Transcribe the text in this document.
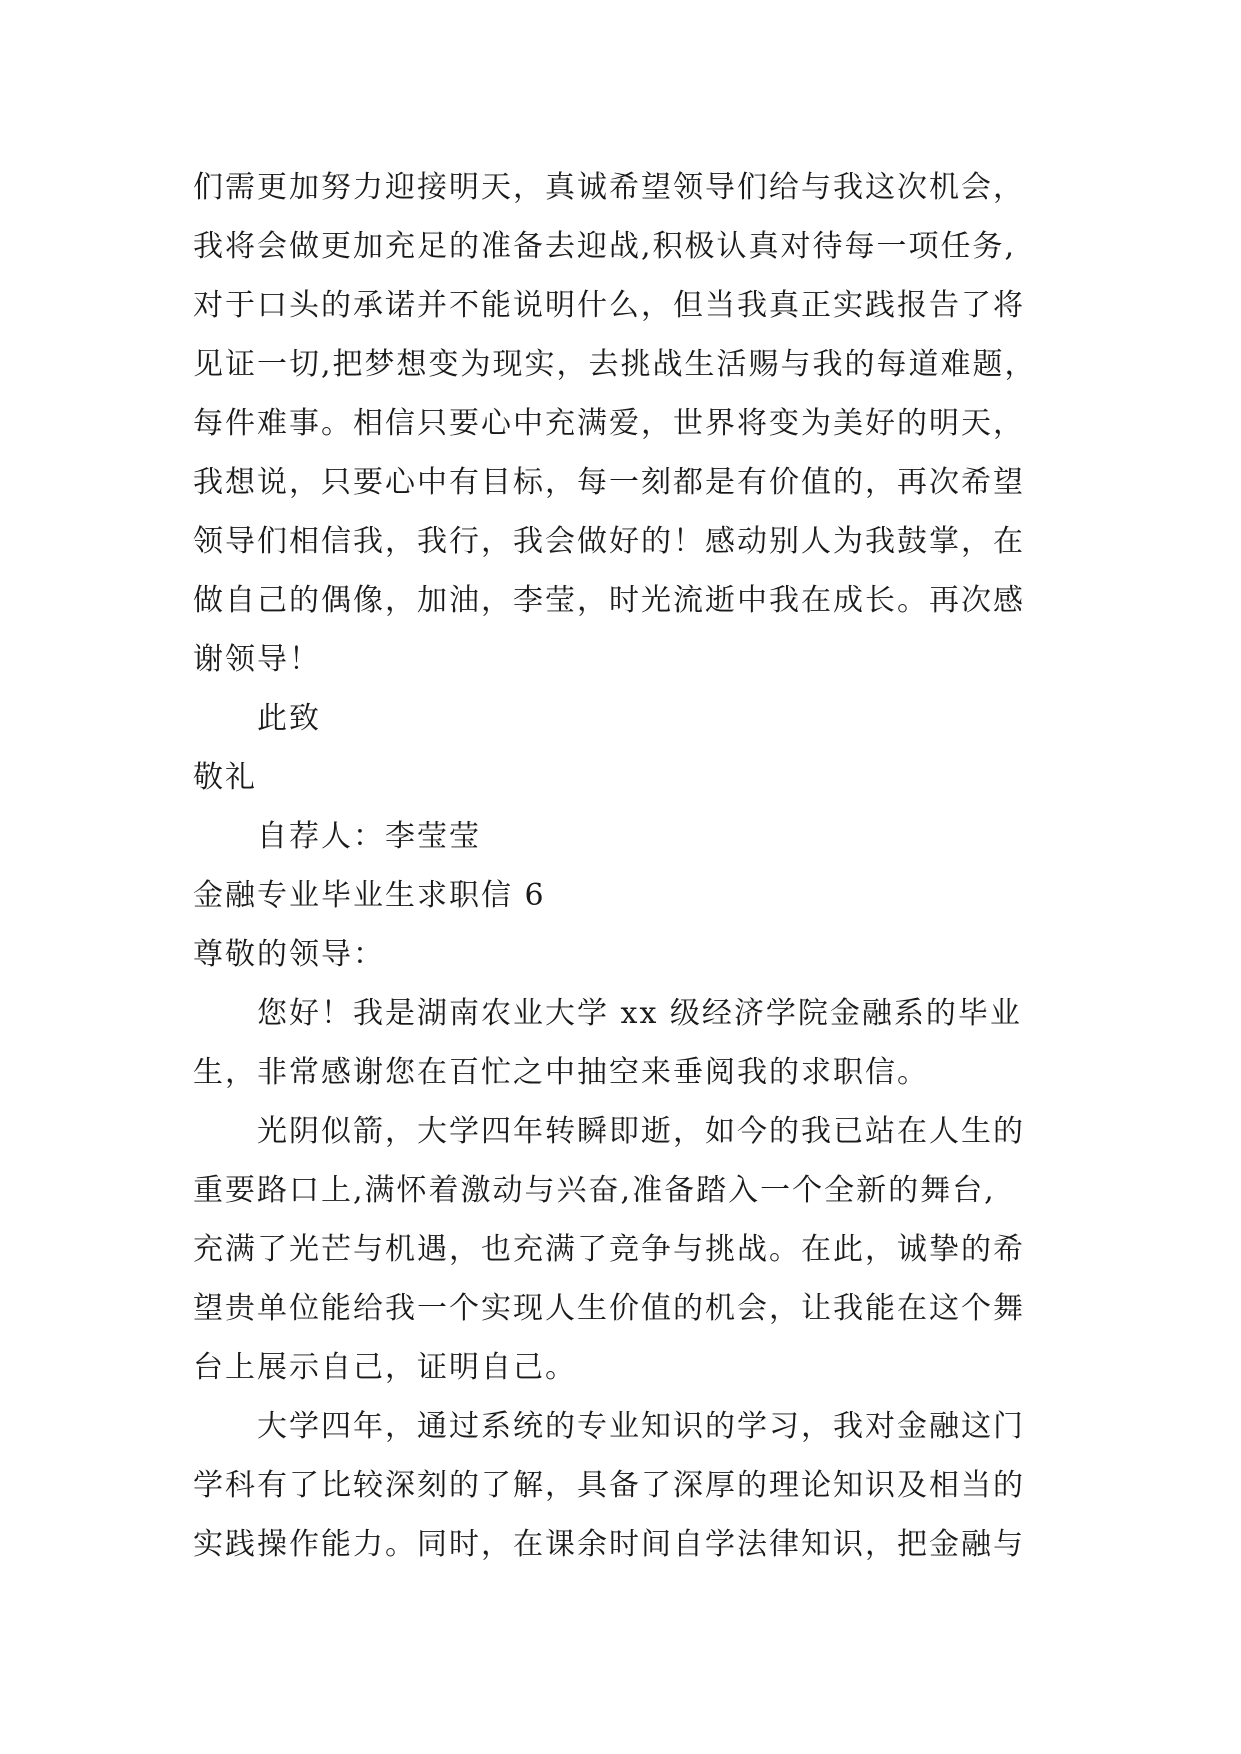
们需更加努力迎接明天，真诚希望领导们给与我这次机会，
我将会做更加充足的准备去迎战,积极认真对待每一项任务,
对于口头的承诺并不能说明什么，但当我真正实践报告了将
见证一切,把梦想变为现实，去挑战生活赐与我的每道难题，
每件难事。相信只要心中充满爱，世界将变为美好的明天，
我想说，只要心中有目标，每一刻都是有价值的，再次希望
领导们相信我，我行，我会做好的！感动别人为我鼓掌，在
做自己的偶像，加油，李莹，时光流逝中我在成长。再次感
谢领导！
此致
敬礼
自荐人：李莹莹
金融专业毕业生求职信 6
尊敬的领导：
您好！我是湖南农业大学 xx 级经济学院金融系的毕业
生，非常感谢您在百忙之中抽空来垂阅我的求职信。
光阴似箭，大学四年转瞬即逝，如今的我已站在人生的
重要路口上,满怀着激动与兴奋,准备踏入一个全新的舞台,
充满了光芒与机遇，也充满了竞争与挑战。在此，诚挚的希
望贵单位能给我一个实现人生价值的机会，让我能在这个舞
台上展示自己，证明自己。
大学四年，通过系统的专业知识的学习，我对金融这门
学科有了比较深刻的了解，具备了深厚的理论知识及相当的
实践操作能力。同时，在课余时间自学法律知识，把金融与
